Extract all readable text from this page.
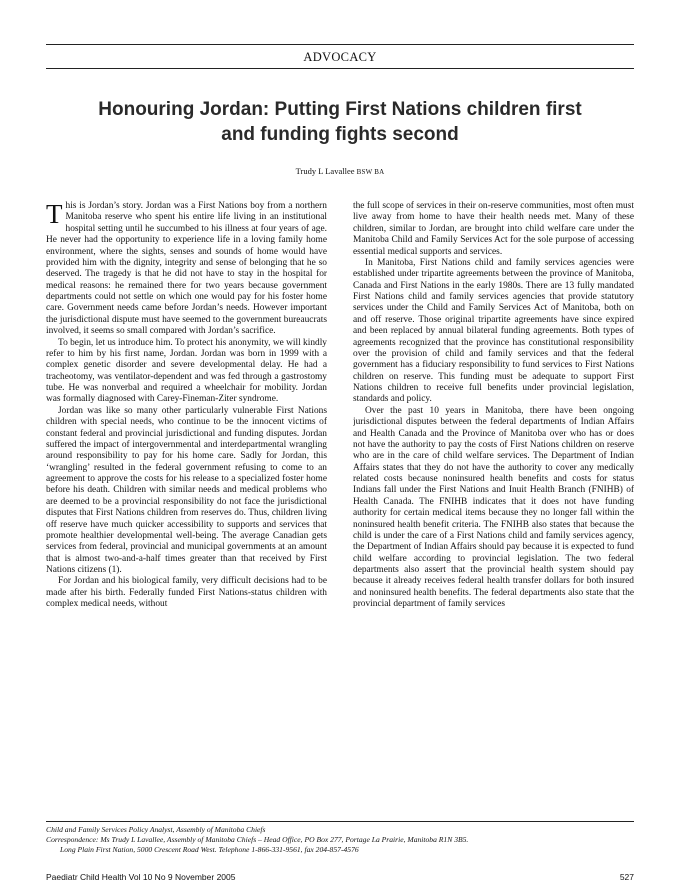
ADVOCACY
Honouring Jordan: Putting First Nations children first
and funding fights second
Trudy L Lavallee BSW BA

This is Jordan’s story. Jordan was a First Nations boy from a northern Manitoba reserve who spent his entire life living in an institutional hospital setting until he succumbed to his illness at four years of age. He never had the opportunity to experience life in a loving family home environment, where the sights, senses and sounds of home would have provided him with the dignity, integrity and sense of belonging that he so deserved. The tragedy is that he did not have to stay in the hospital for medical reasons: he remained there for two years because government departments could not settle on which one would pay for his foster home care. Government needs came before Jordan’s needs. However important the jurisdictional dispute must have seemed to the government bureaucrats involved, it seems so small compared with Jordan’s sacrifice.

To begin, let us introduce him. To protect his anonymity, we will kindly refer to him by his first name, Jordan. Jordan was born in 1999 with a complex genetic disorder and severe developmental delay. He had a tracheotomy, was ventilator-dependent and was fed through a gastrostomy tube. He was nonverbal and required a wheelchair for mobility. Jordan was formally diagnosed with Carey-Fineman-Ziter syndrome.

Jordan was like so many other particularly vulnerable First Nations children with special needs, who continue to be the innocent victims of constant federal and provincial jurisdictional and funding disputes. Jordan suffered the impact of intergovernmental and interdepartmental wrangling around responsibility to pay for his home care. Sadly for Jordan, this ‘wrangling’ resulted in the federal government refusing to come to an agreement to approve the costs for his release to a specialized foster home before his death. Children with similar needs and medical problems who are deemed to be a provincial responsibility do not face the jurisdictional disputes that First Nations children from reserves do. Thus, children living off reserve have much quicker accessibility to supports and services that promote healthier developmental well-being. The average Canadian gets services from federal, provincial and municipal governments at an amount that is almost two-and-a-half times greater than that received by First Nations citizens (1).

For Jordan and his biological family, very difficult decisions had to be made after his birth. Federally funded First Nations-status children with complex medical needs, without

the full scope of services in their on-reserve communities, most often must live away from home to have their health needs met. Many of these children, similar to Jordan, are brought into child welfare care under the Manitoba Child and Family Services Act for the sole purpose of accessing essential medical supports and services.

In Manitoba, First Nations child and family services agencies were established under tripartite agreements between the province of Manitoba, Canada and First Nations in the early 1980s. There are 13 fully mandated First Nations child and family services agencies that provide statutory services under the Child and Family Services Act of Manitoba, both on and off reserve. Those original tripartite agreements have since expired and been replaced by annual bilateral funding agreements. Both types of agreements recognized that the province has constitutional responsibility over the provision of child and family services and that the federal government has a fiduciary responsibility to fund services to First Nations children on reserve. This funding must be adequate to support First Nations children to receive full benefits under provincial legislation, standards and policy.

Over the past 10 years in Manitoba, there have been ongoing jurisdictional disputes between the federal departments of Indian Affairs and Health Canada and the Province of Manitoba over who has or does not have the authority to pay the costs of First Nations children on reserve who are in the care of child welfare services. The Department of Indian Affairs states that they do not have the authority to cover any medically related costs because noninsured health benefits and costs for status Indians fall under the First Nations and Inuit Health Branch (FNIHB) of Health Canada. The FNIHB indicates that it does not have funding authority for certain medical items because they no longer fall within the noninsured health benefit criteria. The FNIHB also states that because the child is under the care of a First Nations child and family services agency, the Department of Indian Affairs should pay because it is expected to fund child welfare according to provincial legislation. The two federal departments also assert that the provincial health system should pay because it already receives federal health transfer dollars for both insured and noninsured health benefits. The federal departments also state that the provincial department of family services

Child and Family Services Policy Analyst, Assembly of Manitoba Chiefs
Correspondence: Ms Trudy L Lavallee, Assembly of Manitoba Chiefs – Head Office, PO Box 277, Portage La Prairie, Manitoba R1N 3B5.
Long Plain First Nation, 5000 Crescent Road West. Telephone 1-866-331-9561, fax 204-857-4576
Paediatr Child Health Vol 10 No 9 November 2005	527
